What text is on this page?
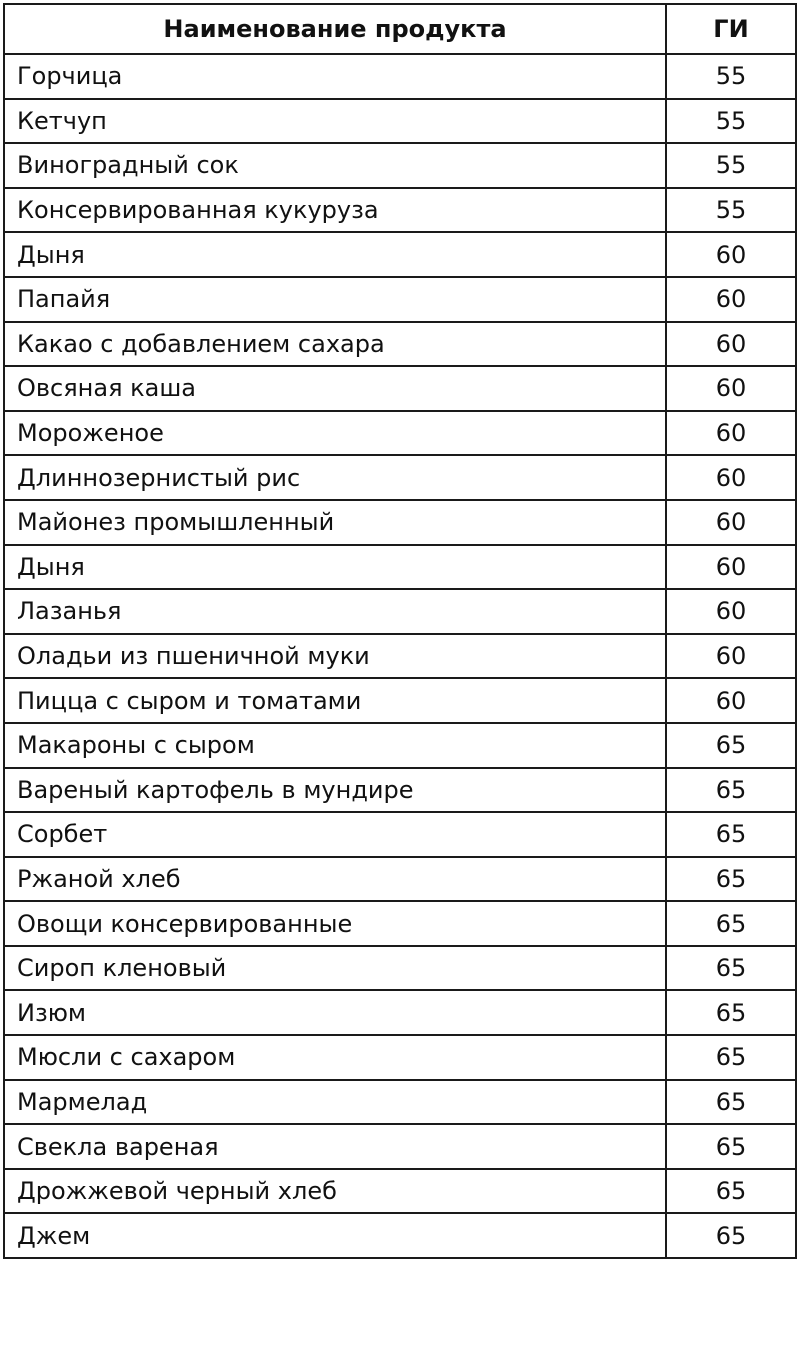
Наименование продукта	ГИ
Горчица	55
Кетчуп	55
Виноградный сок	55
Консервированная кукуруза	55
Дыня	60
Папайя	60
Какао с добавлением сахара	60
Овсяная каша	60
Мороженое	60
Длиннозернистый рис	60
Майонез промышленный	60
Дыня	60
Лазанья	60
Оладьи из пшеничной муки	60
Пицца с сыром и томатами	60
Макароны с сыром	65
Вареный картофель в мундире	65
Сорбет	65
Ржаной хлеб	65
Овощи консервированные	65
Сироп кленовый	65
Изюм	65
Мюсли с сахаром	65
Мармелад	65
Свекла вареная	65
Дрожжевой черный хлеб	65
Джем	65
